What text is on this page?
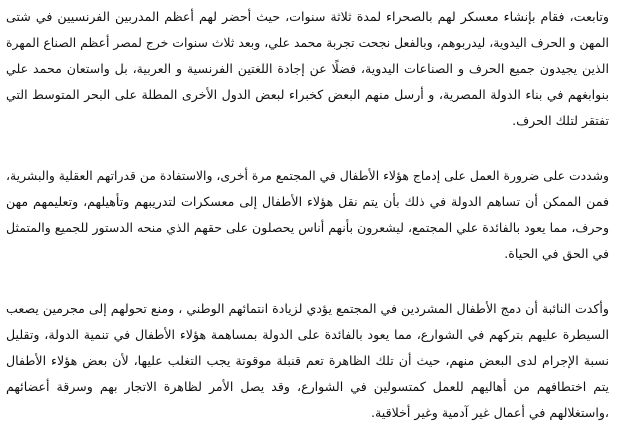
وتابعت، فقام بإنشاء معسكر لهم بالصحراء لمدة ثلاثة سنوات، حيث أحضر لهم أعظم المدربين الفرنسيين في شتى
المهن و الحرف اليدوية، ليدربوهم، وبالفعل نجحت تجربة محمد علي، وبعد ثلاث سنوات خرج لمصر أعظم الصناع المهرة
الذين يجيدون جميع الحرف و الصناعات اليدوية، فضلًا عن إجادة اللغتين الفرنسية و العربية، بل واستعان محمد علي
بنوابغهم في بناء الدولة المصرية، و أرسل منهم البعض كخبراء لبعض الدول الأخرى المطلة على البحر المتوسط التي
تفتقر لتلك الحرف.

وشددت على ضرورة العمل على إدماج هؤلاء الأطفال في المجتمع مرة أخرى، والاستفادة من قدراتهم العقلية والبشرية،
فمن الممكن أن تساهم الدولة في ذلك بأن يتم نقل هؤلاء الأطفال إلى معسكرات لتدريبهم وتأهيلهم، وتعليمهم مهن
وحرف، مما يعود بالفائدة علي المجتمع، ليشعرون بأنهم أناس يحصلون على حقهم الذي منحه الدستور للجميع والمتمثل
في الحق في الحياة.

وأكدت النائبة أن دمج الأطفال المشردين في المجتمع يؤدي لزيادة انتمائهم الوطني ، ومنع تحولهم إلى مجرمين يصعب
السيطرة عليهم بتركهم في الشوارع، مما يعود بالفائدة على الدولة بمساهمة هؤلاء الأطفال في تنمية الدولة، وتقليل
نسبة الإجرام لدى البعض منهم، حيث أن تلك الظاهرة تعم قنبلة موقوتة يجب التغلب عليها، لأن بعض هؤلاء الأطفال
يتم اختطافهم من أهاليهم للعمل كمتسولين في الشوارع، وقد يصل الأمر لظاهرة الاتجار بهم وسرقة أعضائهم
،واستغلالهم في أعمال غير آدمية وغير أخلاقية.
